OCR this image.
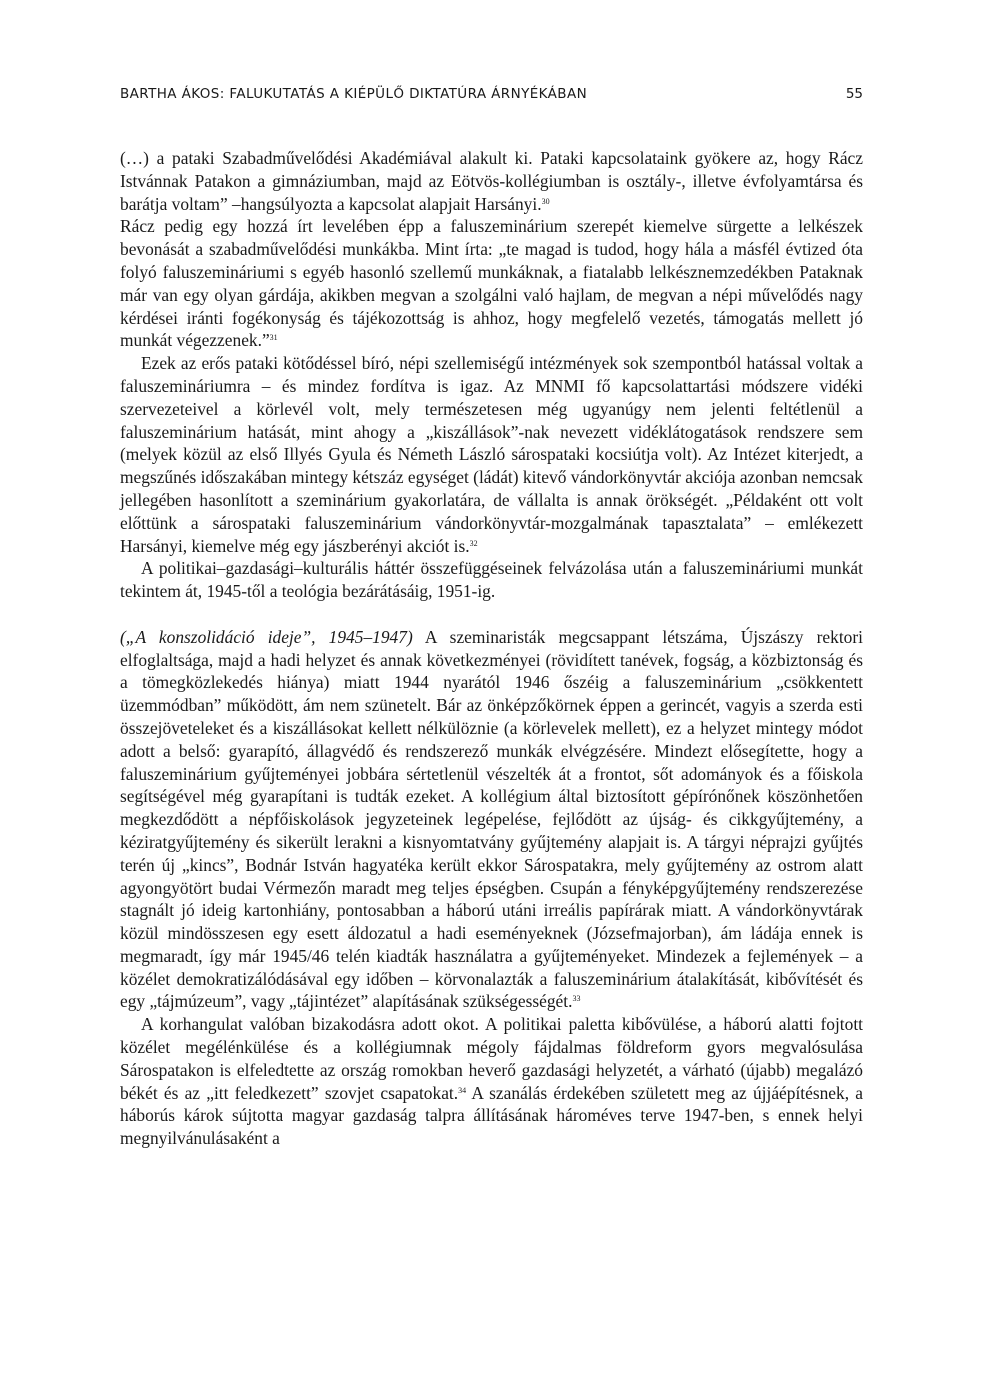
BARTHA ÁKOS: FALUKUTATÁS A KIÉPÜLŐ DIKTATÚRA ÁRNYÉKÁBAN	55

(…) a pataki Szabadművelődési Akadémiával alakult ki. Pataki kapcsolataink gyökere az, hogy Rácz Istvánnak Patakon a gimnáziumban, majd az Eötvös-kollégiumban is osztály-, illetve évfolyamtársa és barátja voltam” –hangsúlyozta a kapcsolat alapjait Harsányi.$^{30}$

Rácz pedig egy hozzá írt levelében épp a faluszeminárium szerepét kiemelve sürgette a lelkészek bevonását a szabadművelődési munkákba. Mint írta: „te magad is tudod, hogy hála a másfél évtized óta folyó faluszemináriumi s egyéb hasonló szellemű munkáknak, a fiatalabb lelkésznemzedékben Pataknak már van egy olyan gárdája, akikben megvan a szolgálni való hajlam, de megvan a népi művelődés nagy kérdései iránti fogékonyság és tájékozottság is ahhoz, hogy megfelelő vezetés, támogatás mellett jó munkát végezzenek.”$^{31}$

Ezek az erős pataki kötődéssel bíró, népi szellemiségű intézmények sok szempontból hatással voltak a faluszemináriumra – és mindez fordítva is igaz. Az MNMI fő kapcsolattartási módszere vidéki szervezeteivel a körlevél volt, mely természetesen még ugyanúgy nem jelenti feltétlenül a faluszeminárium hatását, mint ahogy a „kiszállások”-nak nevezett vidéklátogatások rendszere sem (melyek közül az első Illyés Gyula és Németh László sárospataki kocsiútja volt). Az Intézet kiterjedt, a megszűnés időszakában mintegy kétszáz egységet (ládát) kitevő vándorkönyvtár akciója azonban nemcsak jellegében hasonlított a szeminárium gyakorlatára, de vállalta is annak örökségét. „Példaként ott volt előttünk a sárospataki faluszeminárium vándorkönyvtár-mozgalmának tapasztalata” – emlékezett Harsányi, kiemelve még egy jászberényi akciót is.$^{32}$

A politikai–gazdasági–kulturális háttér összefüggéseinek felvázolása után a faluszemináriumi munkát tekintem át, 1945-től a teológia bezárátásáig, 1951-ig.

(„A konszolidáció ideje”, 1945–1947) A szeminaristák megcsappant létszáma, Újszászy rektori elfoglaltsága, majd a hadi helyzet és annak következményei (rövidített tanévek, fogság, a közbiztonság és a tömegközlekedés hiánya) miatt 1944 nyarától 1946 őszéig a faluszeminárium „csökkentett üzemmódban” működött, ám nem szünetelt. Bár az önképzőkörnek éppen a gerincét, vagyis a szerda esti összejöveteleket és a kiszállásokat kellett nélkülöznie (a körlevelek mellett), ez a helyzet mintegy módot adott a belső: gyarapító, állagvédő és rendszerező munkák elvégzésére. Mindezt elősegítette, hogy a faluszeminárium gyűjteményei jobbára sértetlenül vészelték át a frontot, sőt adományok és a főiskola segítségével még gyarapítani is tudták ezeket. A kollégium által biztosított gépírónőnek köszönhetően megkezdődött a népfőiskolások jegyzeteinek legépelése, fejlődött az újság- és cikkgyűjtemény, a kéziratgyűjtemény és sikerült lerakni a kisnyomtatvány gyűjtemény alapjait is. A tárgyi néprajzi gyűjtés terén új „kincs”, Bodnár István hagyatéka került ekkor Sárospatakra, mely gyűjtemény az ostrom alatt agyongyötört budai Vérmezőn maradt meg teljes épségben. Csupán a fényképgyűjtemény rendszerezése stagnált jó ideig kartonhiány, pontosabban a háború utáni irreális papírárak miatt. A vándorkönyvtárak közül mindösszesen egy esett áldozatul a hadi eseményeknek (Józsefmajorban), ám ládája ennek is megmaradt, így már 1945/46 telén kiadták használatra a gyűjteményeket. Mindezek a fejlemények – a közélet demokratizálódásával egy időben – körvonalazták a faluszeminárium átalakítását, kibővítését és egy „tájmúzeum”, vagy „tájintézet” alapításának szükségességét.$^{33}$

A korhangulat valóban bizakodásra adott okot. A politikai paletta kibővülése, a háború alatti fojtott közélet megélénkülése és a kollégiumnak mégoly fájdalmas földreform gyors megvalósulása Sárospatakon is elfeledtette az ország romokban heverő gazdasági helyzetét, a várható (újabb) megalázó békét és az „itt feledkezett” szovjet csapatokat.$^{34}$ A szanálás érdekében született meg az újjáépítésnek, a háborús károk sújtotta magyar gazdaság talpra állításának hároméves terve 1947-ben, s ennek helyi megnyilvánulásaként a
